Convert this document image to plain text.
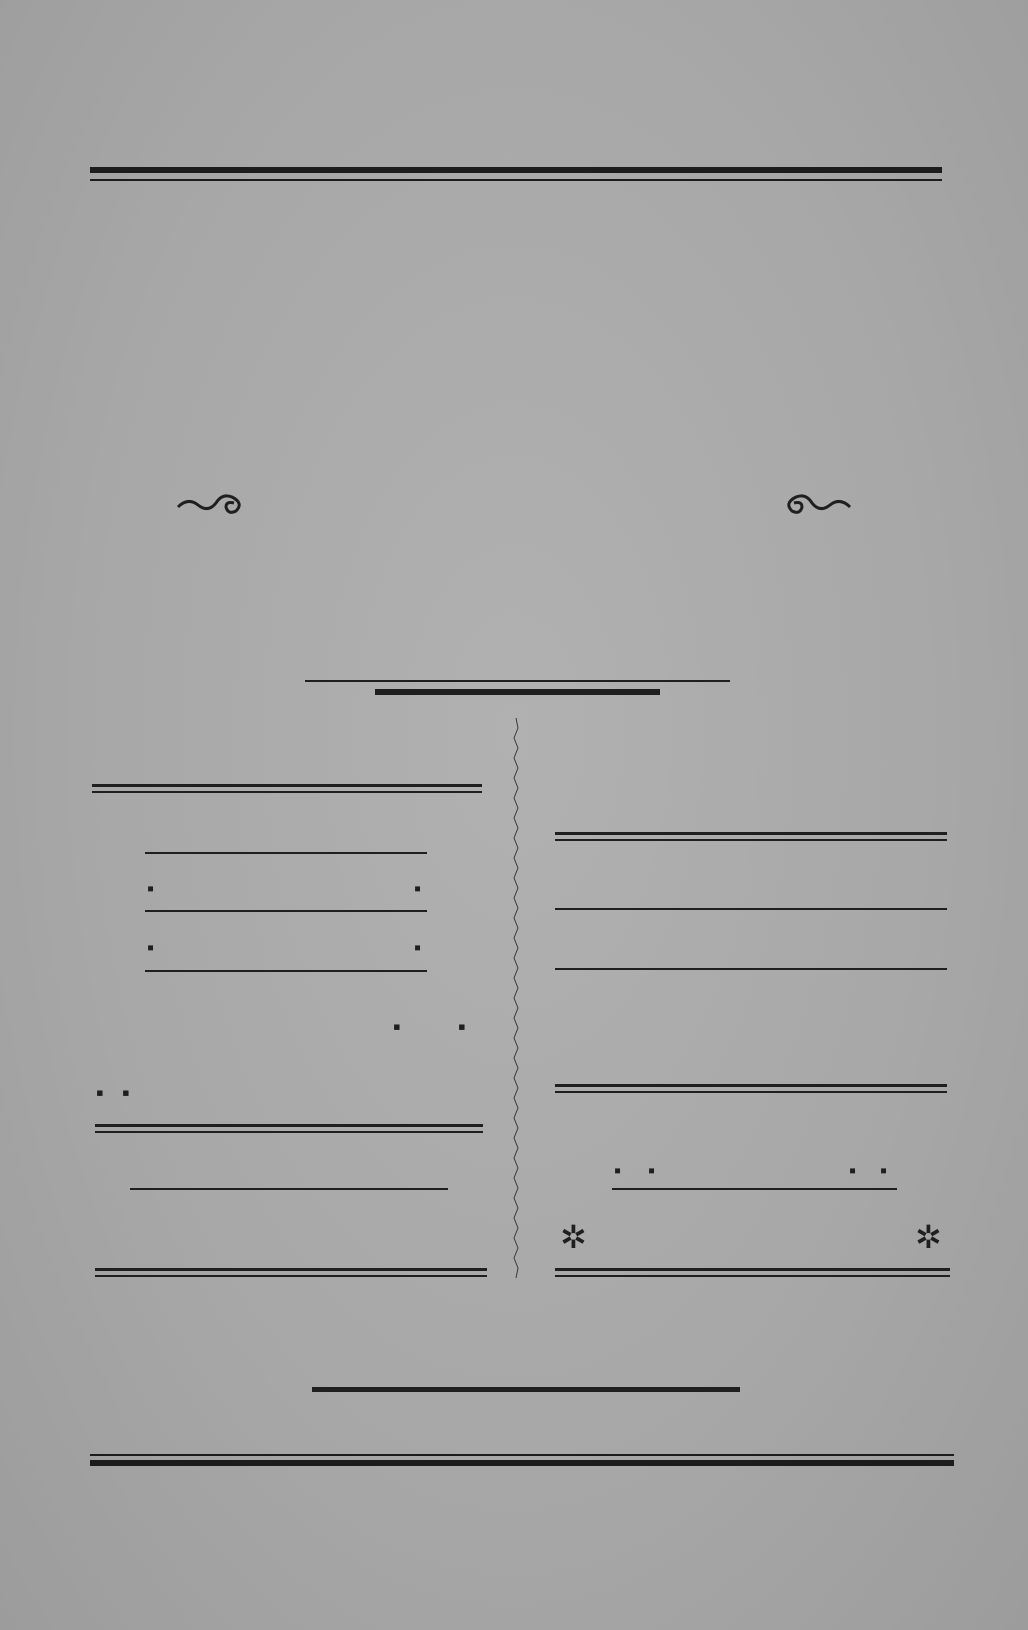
▪	▪
▪	▪
▪	▪
▪ ▪
▪ ▪	▪ ▪
✲	✲
